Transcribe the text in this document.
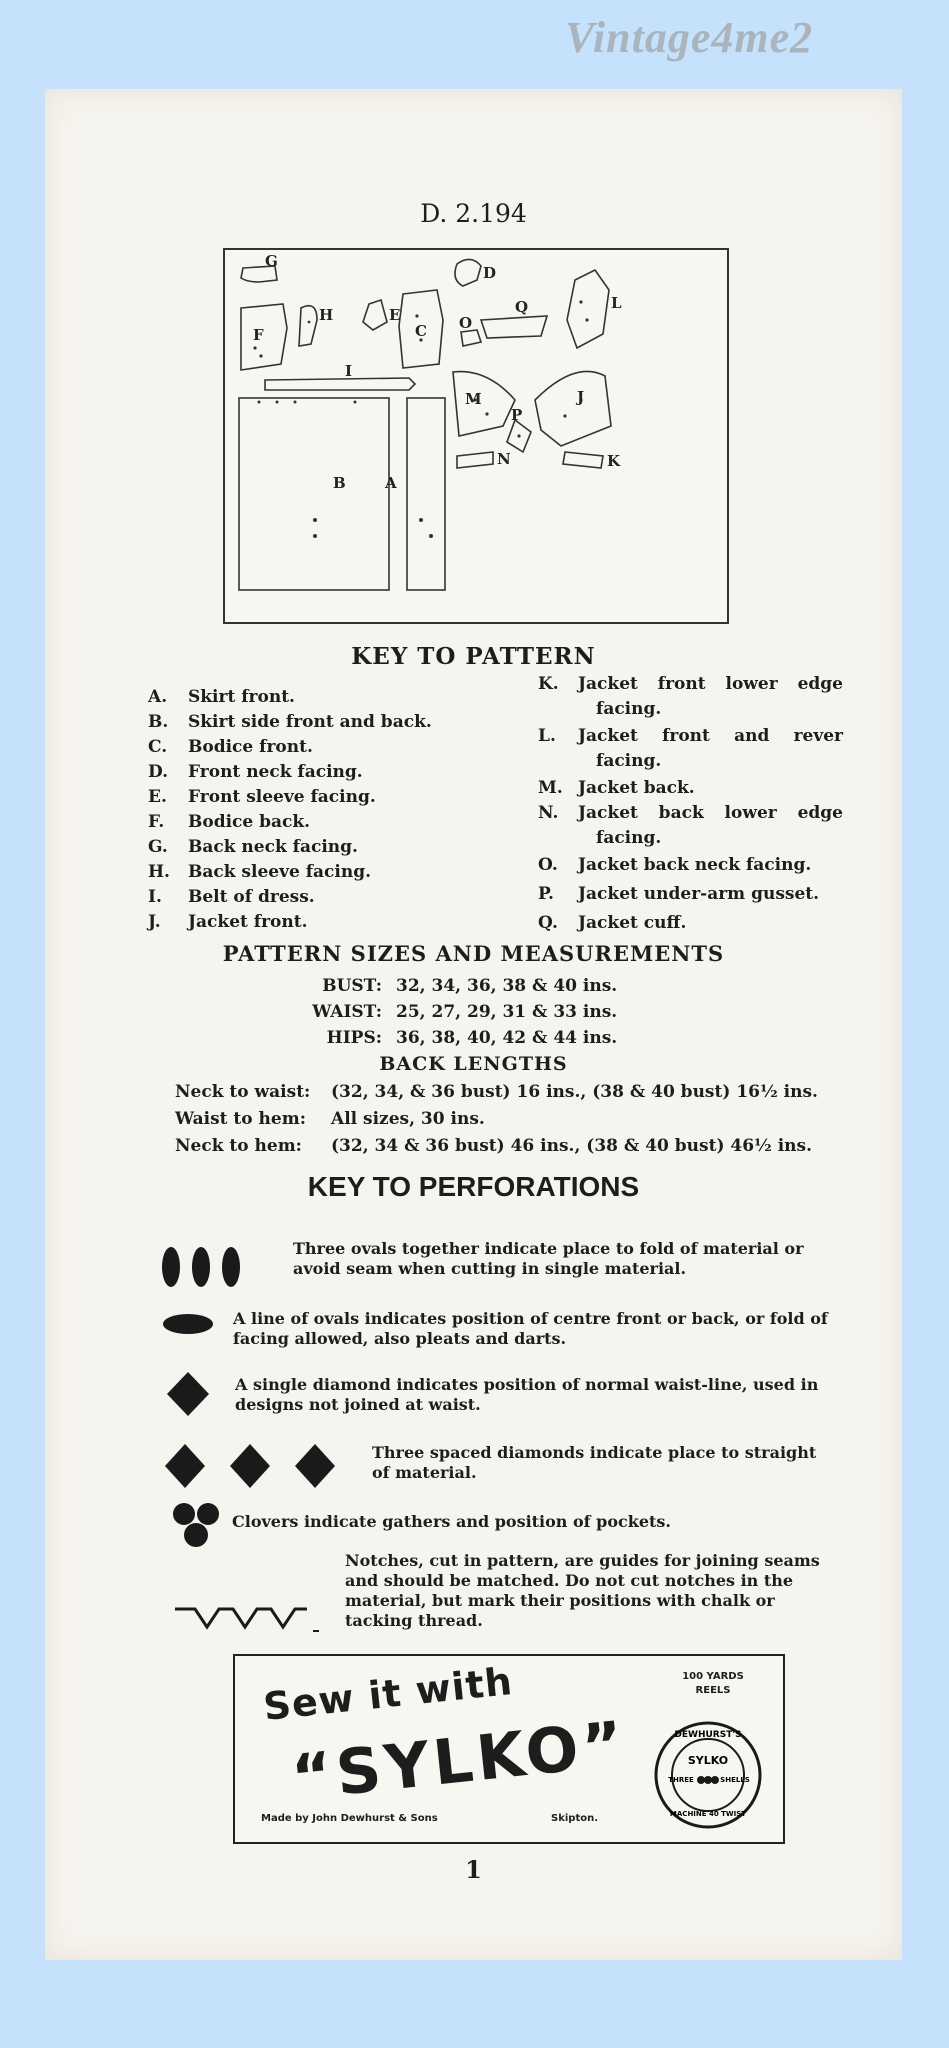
Vintage4me2
D. 2.194
A
B
C
D
E
F
G
H
I
J
K
L
M
N
O
P
Q
KEY TO PATTERN
A.	Skirt front.
B.	Skirt side front and back.
C.	Bodice front.
D.	Front neck facing.
E.	Front sleeve facing.
F.	Bodice back.
G.	Back neck facing.
H.	Back sleeve facing.
I.	Belt of dress.
J.	Jacket front.
K.	Jacket front lower edge
facing.
L.	Jacket front and rever
facing.
M. Jacket back.
N.	Jacket back lower edge
facing.
O.	Jacket back neck facing.
P.	Jacket under-arm gusset.
Q.	Jacket cuff.
PATTERN SIZES AND MEASUREMENTS
BUST: 32, 34, 36, 38 & 40 ins.
WAIST: 25, 27, 29, 31 & 33 ins.
HIPS: 36, 38, 40, 42 & 44 ins.
BACK LENGTHS
Neck to waist:	(32, 34, & 36 bust) 16 ins., (38 & 40 bust) 16½ ins.
Waist to hem:	All sizes, 30 ins.
Neck to hem:	(32, 34 & 36 bust) 46 ins., (38 & 40 bust) 46½ ins.
KEY TO PERFORATIONS
Three ovals together indicate place to fold of material or
avoid seam when cutting in single material.
A line of ovals indicates position of centre front or back, or fold of
facing allowed, also pleats and darts.
A single diamond indicates position of normal waist-line, used in
designs not joined at waist.
Three spaced diamonds indicate place to straight
of material.
Clovers indicate gathers and position of pockets.
Notches, cut in pattern, are guides for joining seams
and should be matched. Do not cut notches in the
material, but mark their positions with chalk or
tacking thread.
Sew it with
“SYLKO”
100 YARDS
REELS
Made by John Dewhurst & Sons	Skipton.
DEWHURST'S
SYLKO
THREE	SHELLS
MACHINE 40 TWIST
1
